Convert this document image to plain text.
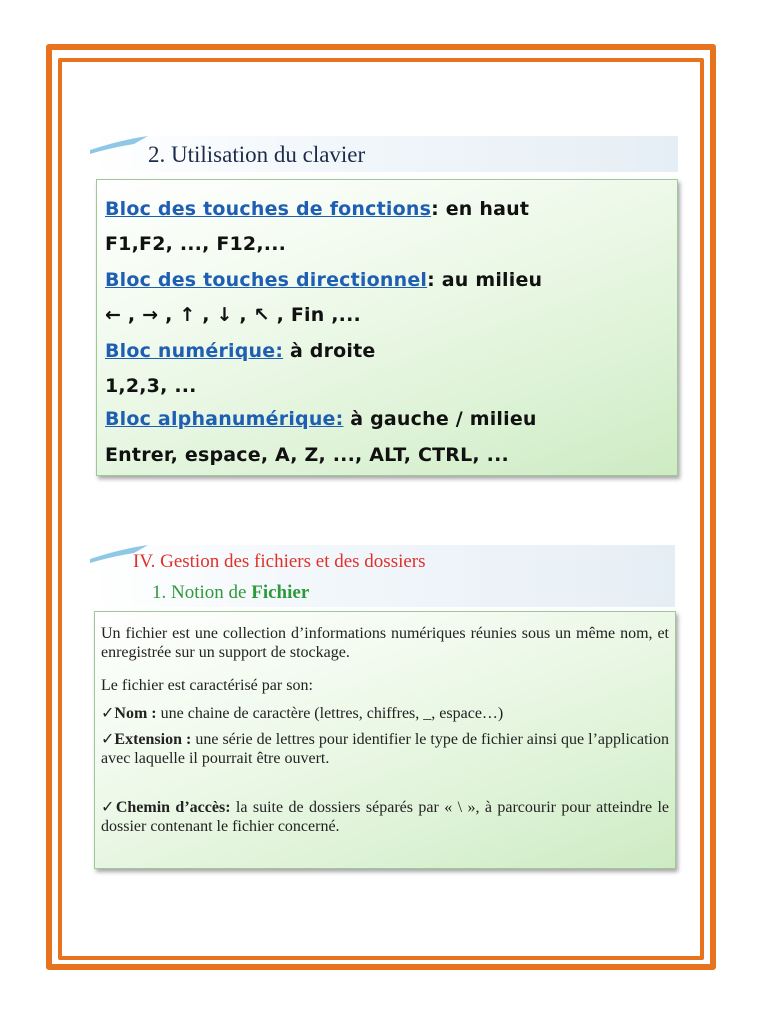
2. Utilisation du clavier
Bloc des touches de fonctions: en haut
F1,F2, ..., F12,...
Bloc des touches directionnel: au milieu
← , → , ↑ , ↓ , ↖ , Fin ,...
Bloc numérique: à droite
1,2,3, ...
Bloc alphanumérique: à gauche / milieu
Entrer, espace, A, Z, ..., ALT, CTRL, ...
IV. Gestion des fichiers et des dossiers
1. Notion de Fichier
Un fichier est une collection d’informations numériques réunies sous un même nom, et enregistrée sur un support de stockage.
Le fichier est caractérisé par son:
✓Nom : une chaine de caractère (lettres, chiffres, _, espace…)
✓Extension : une série de lettres pour identifier le type de fichier ainsi que l’application avec laquelle il pourrait être ouvert.
✓Chemin d’accès: la suite de dossiers séparés par « \ », à parcourir pour atteindre le dossier contenant le fichier concerné.
